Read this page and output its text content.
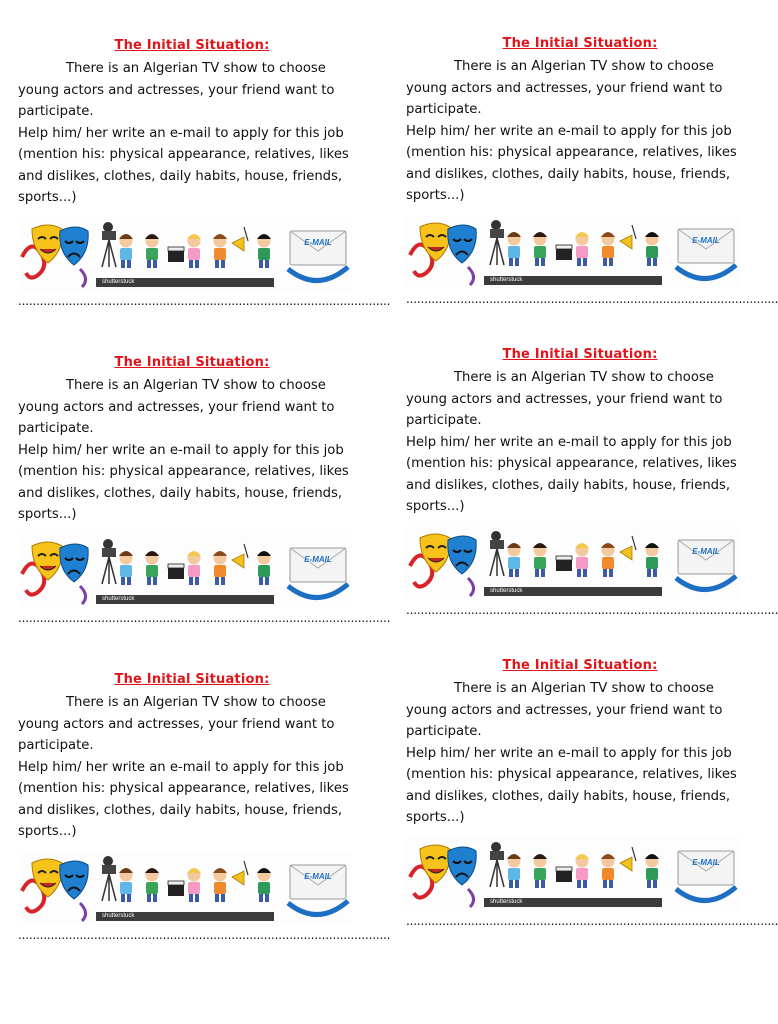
The Initial Situation:

There is an Algerian TV show to choose young actors and actresses, your friend want to participate.

Help him/ her write an e-mail to apply for this job (mention his: physical appearance, relatives, likes and dislikes, clothes, daily habits, house, friends, sports...)

E-MAIL
shutterstuck
.......................................................................................................
The Initial Situation:

There is an Algerian TV show to choose young actors and actresses, your friend want to participate.

Help him/ her write an e-mail to apply for this job (mention his: physical appearance, relatives, likes and dislikes, clothes, daily habits, house, friends, sports...)

E-MAIL
shutterstuck
.......................................................................................................
The Initial Situation:

There is an Algerian TV show to choose young actors and actresses, your friend want to participate.

Help him/ her write an e-mail to apply for this job (mention his: physical appearance, relatives, likes and dislikes, clothes, daily habits, house, friends, sports...)

E-MAIL
shutterstuck
.......................................................................................................
The Initial Situation:

There is an Algerian TV show to choose young actors and actresses, your friend want to participate.

Help him/ her write an e-mail to apply for this job (mention his: physical appearance, relatives, likes and dislikes, clothes, daily habits, house, friends, sports...)

E-MAIL
shutterstuck
.......................................................................................................
The Initial Situation:

There is an Algerian TV show to choose young actors and actresses, your friend want to participate.

Help him/ her write an e-mail to apply for this job (mention his: physical appearance, relatives, likes and dislikes, clothes, daily habits, house, friends, sports...)

E-MAIL
shutterstuck
.......................................................................................................
The Initial Situation:

There is an Algerian TV show to choose young actors and actresses, your friend want to participate.

Help him/ her write an e-mail to apply for this job (mention his: physical appearance, relatives, likes and dislikes, clothes, daily habits, house, friends, sports...)

E-MAIL
shutterstuck
.......................................................................................................
